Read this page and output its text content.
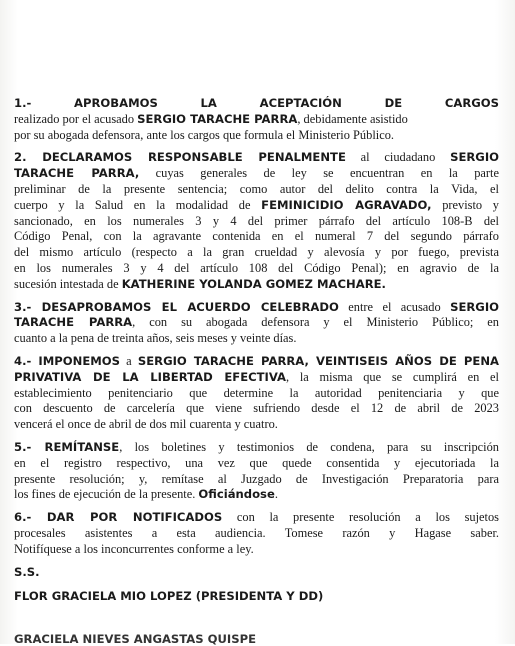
1.- APROBAMOS LA ACEPTACIÓN DE CARGOS
realizado por el acusado SERGIO TARACHE PARRA, debidamente asistido
por su abogada defensora, ante los cargos que formula el Ministerio Público.
2. DECLARAMOS RESPONSABLE PENALMENTE al ciudadano SERGIO
TARACHE PARRA, cuyas generales de ley se encuentran en la parte
preliminar de la presente sentencia; como autor del delito contra la Vida, el
cuerpo y la Salud en la modalidad de FEMINICIDIO AGRAVADO, previsto y
sancionado, en los numerales 3 y 4 del primer párrafo del artículo 108-B del
Código Penal, con la agravante contenida en el numeral 7 del segundo párrafo
del mismo artículo (respecto a la gran crueldad y alevosía y por fuego, prevista
en los numerales 3 y 4 del artículo 108 del Código Penal); en agravio de la
sucesión intestada de KATHERINE YOLANDA GOMEZ MACHARE.
3.- DESAPROBAMOS EL ACUERDO CELEBRADO entre el acusado SERGIO
TARACHE PARRA, con su abogada defensora y el Ministerio Público; en
cuanto a la pena de treinta años, seis meses y veinte días.
4.- IMPONEMOS a SERGIO TARACHE PARRA, VEINTISEIS AÑOS DE PENA
PRIVATIVA DE LA LIBERTAD EFECTIVA, la misma que se cumplirá en el
establecimiento penitenciario que determine la autoridad penitenciaria y que
con descuento de carcelería que viene sufriendo desde el 12 de abril de 2023
vencerá el once de abril de dos mil cuarenta y cuatro.
5.- REMÍTANSE, los boletines y testimonios de condena, para su inscripción
en el registro respectivo, una vez que quede consentida y ejecutoriada la
presente resolución; y, remítase al Juzgado de Investigación Preparatoria para
los fines de ejecución de la presente. Oficiándose.
6.- DAR POR NOTIFICADOS con la presente resolución a los sujetos
procesales asistentes a esta audiencia. Tomese razón y Hagase saber.
Notifíquese a los inconcurrentes conforme a ley.
S.S.
FLOR GRACIELA MIO LOPEZ (PRESIDENTA Y DD)
GRACIELA NIEVES ANGASTAS QUISPE
